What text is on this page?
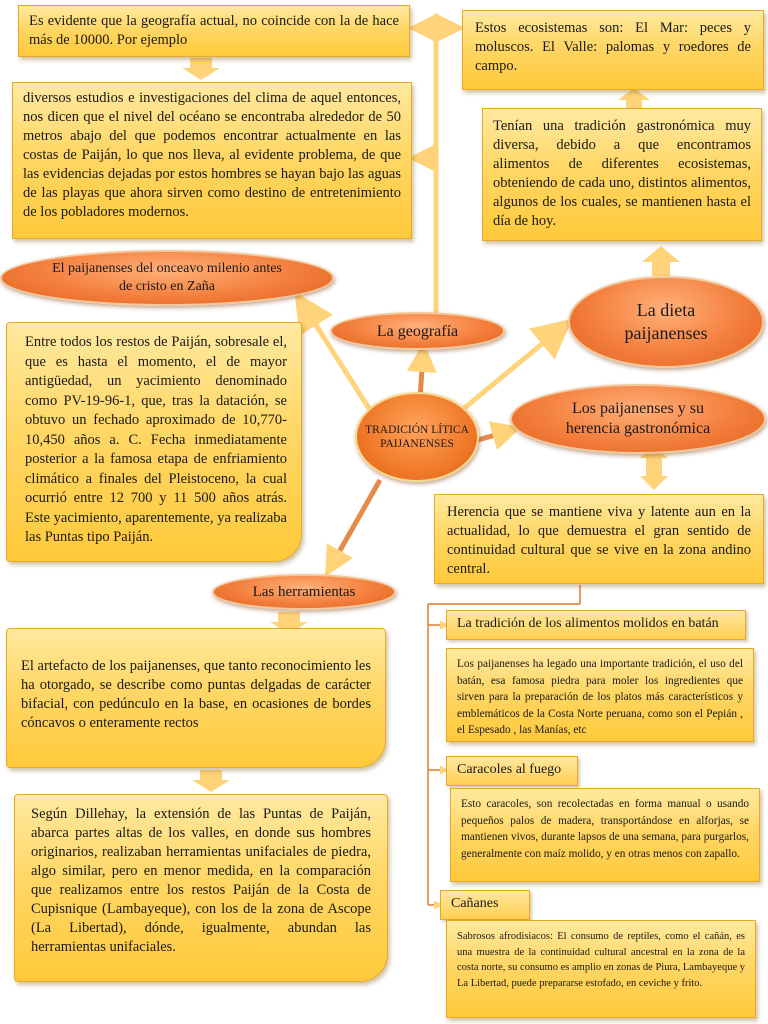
Es evidente que la geografía actual, no coincide con la de hace más de 10000. Por ejemplo
diversos estudios e investigaciones del clima de aquel entonces, nos dicen que el nivel del océano se encontraba alrededor de 50 metros abajo del que podemos encontrar actualmente en las costas de Paiján, lo que nos lleva, al evidente problema, de que las evidencias dejadas por estos hombres se hayan bajo las aguas de las playas que ahora sirven como destino de entretenimiento de los pobladores modernos.
Estos ecosistemas son: El Mar: peces y moluscos. El Valle: palomas y roedores de campo.
Tenían una tradición gastronómica muy diversa, debido a que encontramos alimentos de diferentes ecosistemas, obteniendo de cada uno, distintos alimentos, algunos de los cuales, se mantienen hasta el día de hoy.
El paijanenses del onceavo milenio antes de cristo en Zaña
La geografía
La dieta paijanenses
Los paijanenses y su herencia gastronómica
TRADICIÓN LÍTICA PAIJANENSES
Las herramientas
Entre todos los restos de Paiján, sobresale el, que es hasta el momento, el de mayor antigüedad, un yacimiento denominado como PV-19-96-1, que, tras la datación, se obtuvo un fechado aproximado de 10,770-10,450 años a. C. Fecha inmediatamente posterior a la famosa etapa de enfriamiento climático a finales del Pleistoceno, la cual ocurrió entre 12 700 y 11 500 años atrás. Este yacimiento, aparentemente, ya realizaba las Puntas tipo Paiján.
Herencia que se mantiene viva y latente aun en la actualidad, lo que demuestra el gran sentido de continuidad cultural que se vive en la zona andino central.
El artefacto de los paijanenses, que tanto reconocimiento les ha otorgado, se describe como puntas delgadas de carácter bifacial, con pedúnculo en la base, en ocasiones de bordes cóncavos o enteramente rectos
Según Dillehay, la extensión de las Puntas de Paiján, abarca partes altas de los valles, en donde sus hombres originarios, realizaban herramientas unifaciales de piedra, algo similar, pero en menor medida, en la comparación que realizamos entre los restos Paiján de la Costa de Cupisnique (Lambayeque), con los de la zona de Ascope (La Libertad), dónde, igualmente, abundan las herramientas unifaciales.
La tradición de los alimentos molidos en batán
Los paijanenses ha legado una importante tradición, el uso del batán, esa famosa piedra para moler los ingredientes que sirven para la preparación de los platos más característicos y emblemáticos de la Costa Norte peruana, como son el Pepián , el Espesado , las Manías, etc
Caracoles al fuego
Esto caracoles, son recolectadas en forma manual o usando pequeños palos de madera, transportándose en alforjas, se mantienen vivos, durante lapsos de una semana, para purgarlos, generalmente con maíz molido, y en otras menos con zapallo.
Cañanes
Sabrosos afrodisiacos: El consumo de reptiles, como el cañán, es una muestra de la continuidad cultural ancestral en la zona de la costa norte, su consumo es amplio en zonas de Piura, Lambayeque y La Libertad, puede prepararse estofado, en ceviche y frito.
